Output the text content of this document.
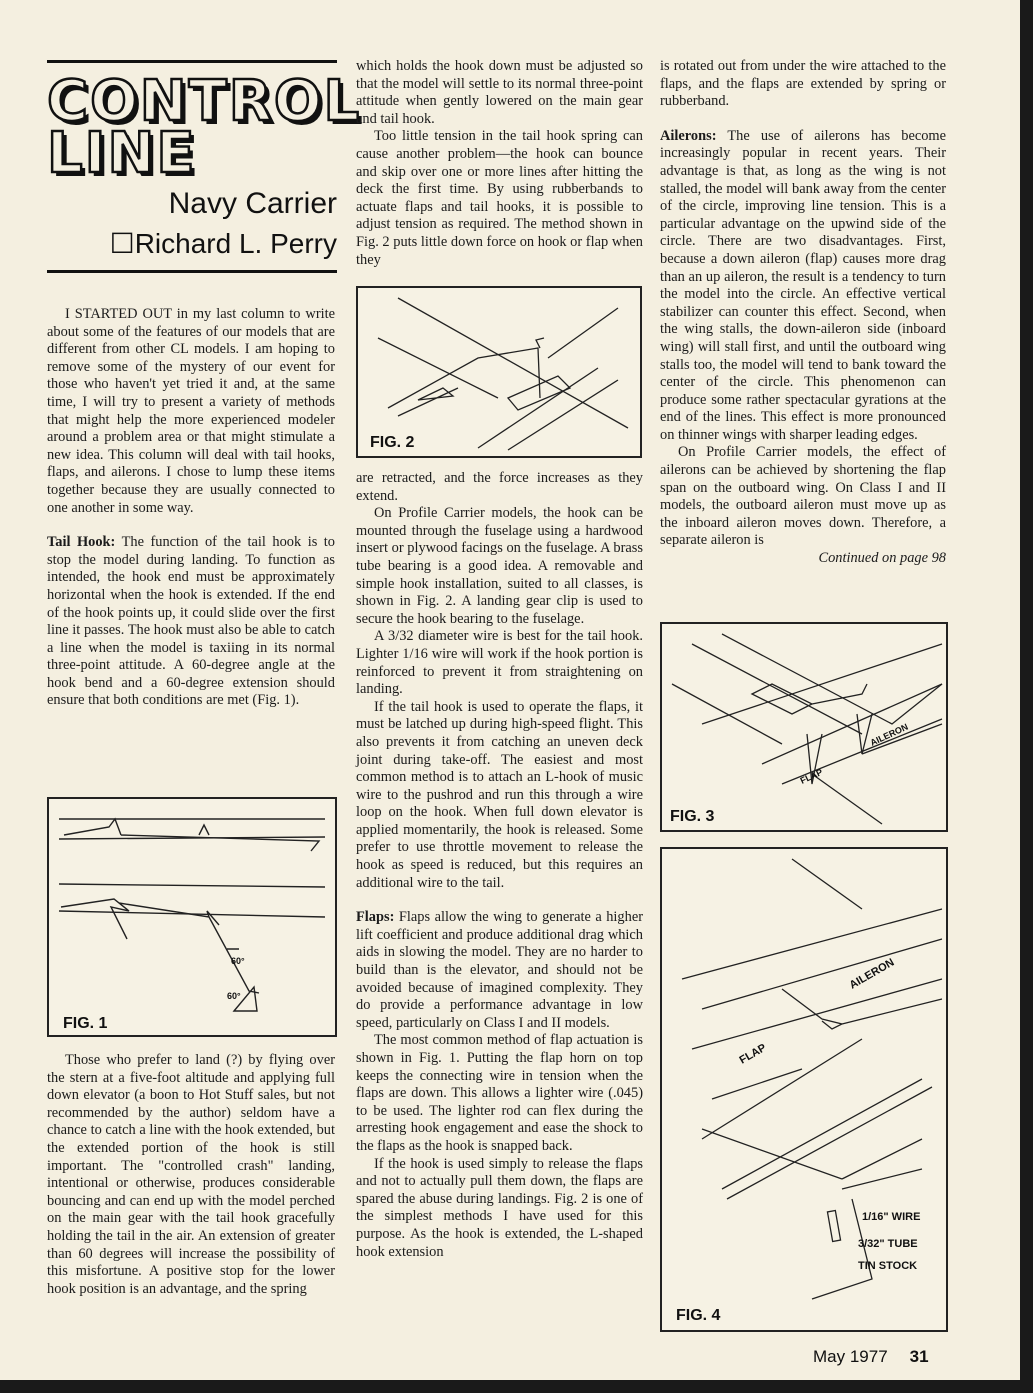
CONTROL
LINE
Navy Carrier
☐Richard L. Perry

I STARTED OUT in my last column to write about some of the features of our models that are different from other CL models. I am hoping to remove some of the mystery of our event for those who haven't yet tried it and, at the same time, I will try to present a variety of methods that might help the more experienced modeler around a problem area or that might stimulate a new idea. This column will deal with tail hooks, flaps, and ailerons. I chose to lump these items together because they are usually connected to one another in some way.

Tail Hook: The function of the tail hook is to stop the model during landing. To function as intended, the hook end must be approximately horizontal when the hook is extended. If the end of the hook points up, it could slide over the first line it passes. The hook must also be able to catch a line when the model is taxiing in its normal three-point attitude. A 60-degree angle at the hook bend and a 60-degree extension should ensure that both conditions are met (Fig. 1).

60°
60°
FIG. 1

Those who prefer to land (?) by flying over the stern at a five-foot altitude and applying full down elevator (a boon to Hot Stuff sales, but not recommended by the author) seldom have a chance to catch a line with the hook extended, but the extended portion of the hook is still important. The "controlled crash" landing, intentional or otherwise, produces considerable bouncing and can end up with the model perched on the main gear with the tail hook gracefully holding the tail in the air. An extension of greater than 60 degrees will increase the possibility of this misfortune. A positive stop for the lower hook position is an advantage, and the spring

which holds the hook down must be adjusted so that the model will settle to its normal three-point attitude when gently lowered on the main gear and tail hook.

Too little tension in the tail hook spring can cause another problem—the hook can bounce and skip over one or more lines after hitting the deck the first time. By using rubberbands to actuate flaps and tail hooks, it is possible to adjust tension as required. The method shown in Fig. 2 puts little down force on hook or flap when they

FIG. 2

are retracted, and the force increases as they extend.

On Profile Carrier models, the hook can be mounted through the fuselage using a hardwood insert or plywood facings on the fuselage. A brass tube bearing is a good idea. A removable and simple hook installation, suited to all classes, is shown in Fig. 2. A landing gear clip is used to secure the hook bearing to the fuselage.

A 3/32 diameter wire is best for the tail hook. Lighter 1/16 wire will work if the hook portion is reinforced to prevent it from straightening on landing.

If the tail hook is used to operate the flaps, it must be latched up during high-speed flight. This also prevents it from catching an uneven deck joint during take-off. The easiest and most common method is to attach an L-hook of music wire to the pushrod and run this through a wire loop on the hook. When full down elevator is applied momentarily, the hook is released. Some prefer to use throttle movement to release the hook as speed is reduced, but this requires an additional wire to the tail.

Flaps: Flaps allow the wing to generate a higher lift coefficient and produce additional drag which aids in slowing the model. They are no harder to build than is the elevator, and should not be avoided because of imagined complexity. They do provide a performance advantage in low speed, particularly on Class I and II models.

The most common method of flap actuation is shown in Fig. 1. Putting the flap horn on top keeps the connecting wire in tension when the flaps are down. This allows a lighter wire (.045) to be used. The lighter rod can flex during the arresting hook engagement and ease the shock to the flaps as the hook is snapped back.

If the hook is used simply to release the flaps and not to actually pull them down, the flaps are spared the abuse during landings. Fig. 2 is one of the simplest methods I have used for this purpose. As the hook is extended, the L-shaped hook extension

is rotated out from under the wire attached to the flaps, and the flaps are extended by spring or rubberband.

Ailerons: The use of ailerons has become increasingly popular in recent years. Their advantage is that, as long as the wing is not stalled, the model will bank away from the center of the circle, improving line tension. This is a particular advantage on the upwind side of the circle. There are two disadvantages. First, because a down aileron (flap) causes more drag than an up aileron, the result is a tendency to turn the model into the circle. An effective vertical stabilizer can counter this effect. Second, when the wing stalls, the down-aileron side (inboard wing) will stall first, and until the outboard wing stalls too, the model will tend to bank toward the center of the circle. This phenomenon can produce some rather spectacular gyrations at the end of the lines. This effect is more pronounced on thinner wings with sharper leading edges.

On Profile Carrier models, the effect of ailerons can be achieved by shortening the flap span on the outboard wing. On Class I and II models, the outboard aileron must move up as the inboard aileron moves down. Therefore, a separate aileron is

Continued on page 98

AILERON
FLAP
FIG. 3
AILERON
FLAP
1/16" WIRE
3/32" TUBE
TIN STOCK
FIG. 4
May 1977 31
